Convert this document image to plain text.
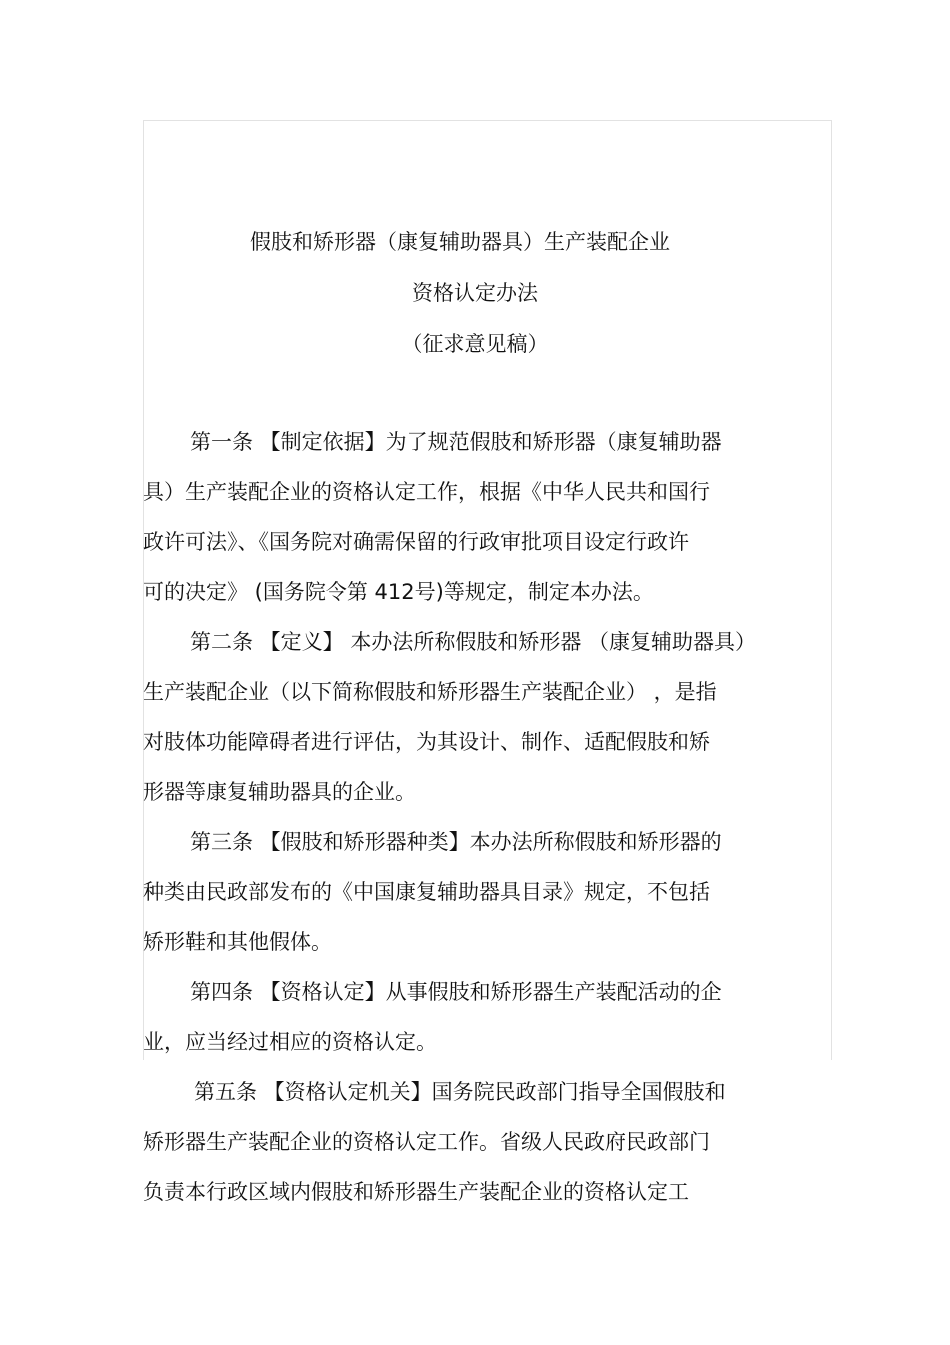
假肢和矫形器（康复辅助器具）生产装配企业
资格认定办法
（征求意见稿）
第一条 【制定依据】为了规范假肢和矫形器（康复辅助器
具）生产装配企业的资格认定工作，根据《中华人民共和国行
政许可法》、《国务院对确需保留的行政审批项目设定行政许
可的决定》 (国务院令第 412号)等规定，制定本办法。
第二条 【定义】 本办法所称假肢和矫形器 （康复辅助器具）
生产装配企业（以下简称假肢和矫形器生产装配企业） ，是指
对肢体功能障碍者进行评估，为其设计、制作、适配假肢和矫
形器等康复辅助器具的企业。
第三条 【假肢和矫形器种类】本办法所称假肢和矫形器的
种类由民政部发布的《中国康复辅助器具目录》规定，不包括
矫形鞋和其他假体。
第四条 【资格认定】从事假肢和矫形器生产装配活动的企
业，应当经过相应的资格认定。
第五条 【资格认定机关】国务院民政部门指导全国假肢和
矫形器生产装配企业的资格认定工作。省级人民政府民政部门
负责本行政区域内假肢和矫形器生产装配企业的资格认定工
